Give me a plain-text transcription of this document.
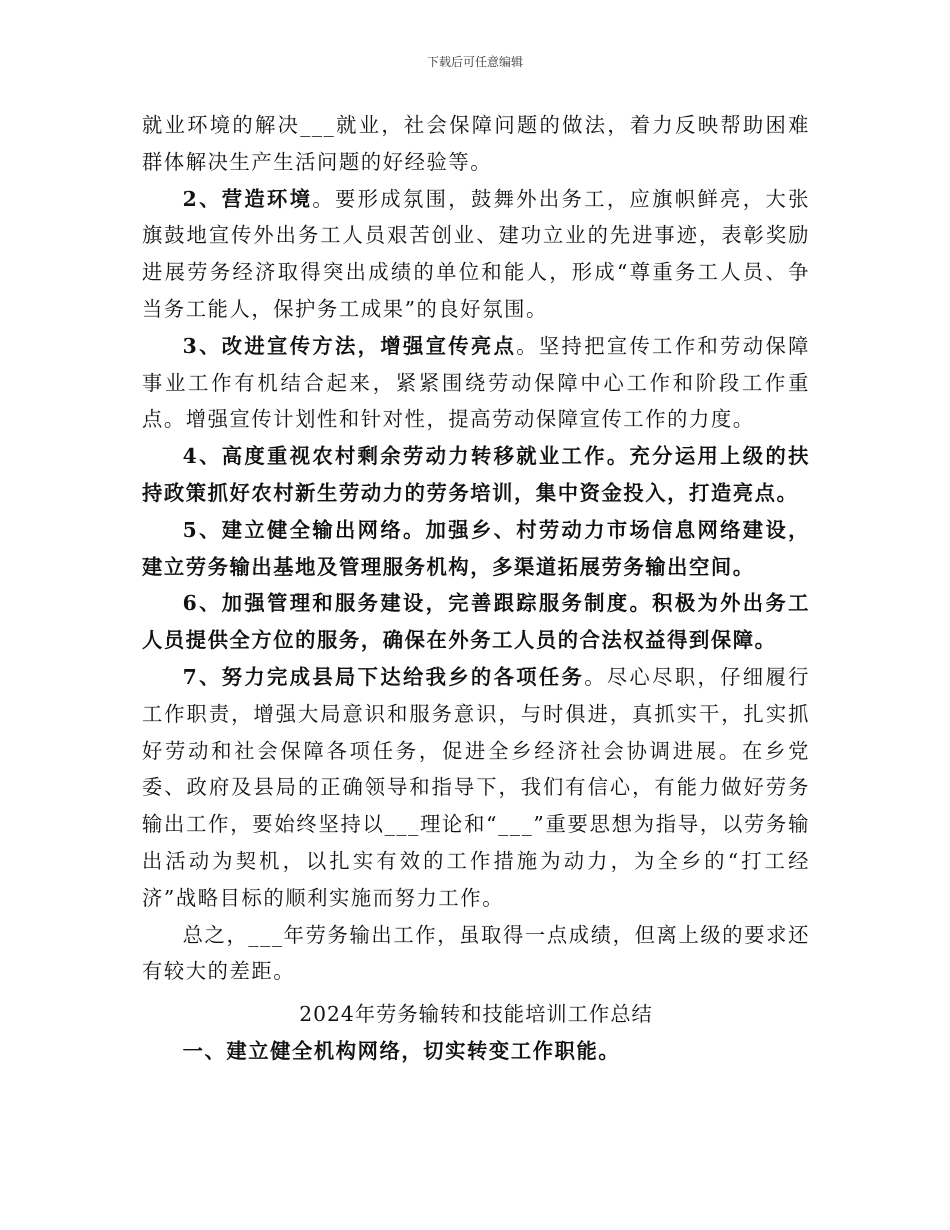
下载后可任意编辑

就业环境的解决___就业，社会保障问题的做法，着力反映帮助困难群体解决生产生活问题的好经验等。

2、营造环境。要形成氛围，鼓舞外出务工，应旗帜鲜亮，大张旗鼓地宣传外出务工人员艰苦创业、建功立业的先进事迹，表彰奖励进展劳务经济取得突出成绩的单位和能人，形成“尊重务工人员、争当务工能人，保护务工成果”的良好氛围。

3、改进宣传方法，增强宣传亮点。坚持把宣传工作和劳动保障事业工作有机结合起来，紧紧围绕劳动保障中心工作和阶段工作重点。增强宣传计划性和针对性，提高劳动保障宣传工作的力度。

4、高度重视农村剩余劳动力转移就业工作。充分运用上级的扶持政策抓好农村新生劳动力的劳务培训，集中资金投入，打造亮点。

5、建立健全输出网络。加强乡、村劳动力市场信息网络建设，建立劳务输出基地及管理服务机构，多渠道拓展劳务输出空间。

6、加强管理和服务建设，完善跟踪服务制度。积极为外出务工人员提供全方位的服务，确保在外务工人员的合法权益得到保障。

7、努力完成县局下达给我乡的各项任务。尽心尽职，仔细履行工作职责，增强大局意识和服务意识，与时俱进，真抓实干，扎实抓好劳动和社会保障各项任务，促进全乡经济社会协调进展。在乡党委、政府及县局的正确领导和指导下，我们有信心，有能力做好劳务输出工作，要始终坚持以___理论和“___”重要思想为指导，以劳务输出活动为契机，以扎实有效的工作措施为动力，为全乡的“打工经济”战略目标的顺利实施而努力工作。

总之，___年劳务输出工作，虽取得一点成绩，但离上级的要求还有较大的差距。

2024年劳务输转和技能培训工作总结

一、建立健全机构网络，切实转变工作职能。
